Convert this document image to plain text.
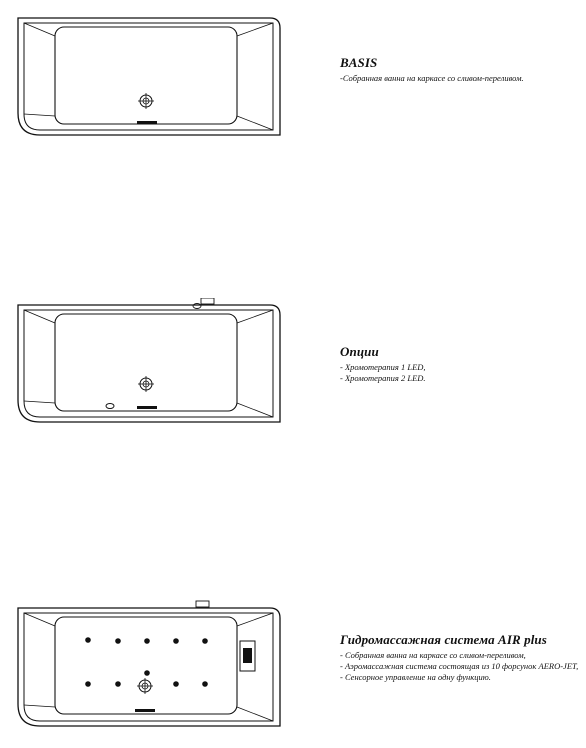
BASIS

-Собранная ванна на каркасе со сливом-переливом.

Опции

- Хромотерапия 1 LED,

- Хромотерапия 2 LED.

Гидромассажная система AIR plus

- Собранная ванна на каркасе со сливом-переливом,

- Аэромассажная система состоящая из 10 форсунок AERO-JET,

- Сенсорное управление на одну функцию.
